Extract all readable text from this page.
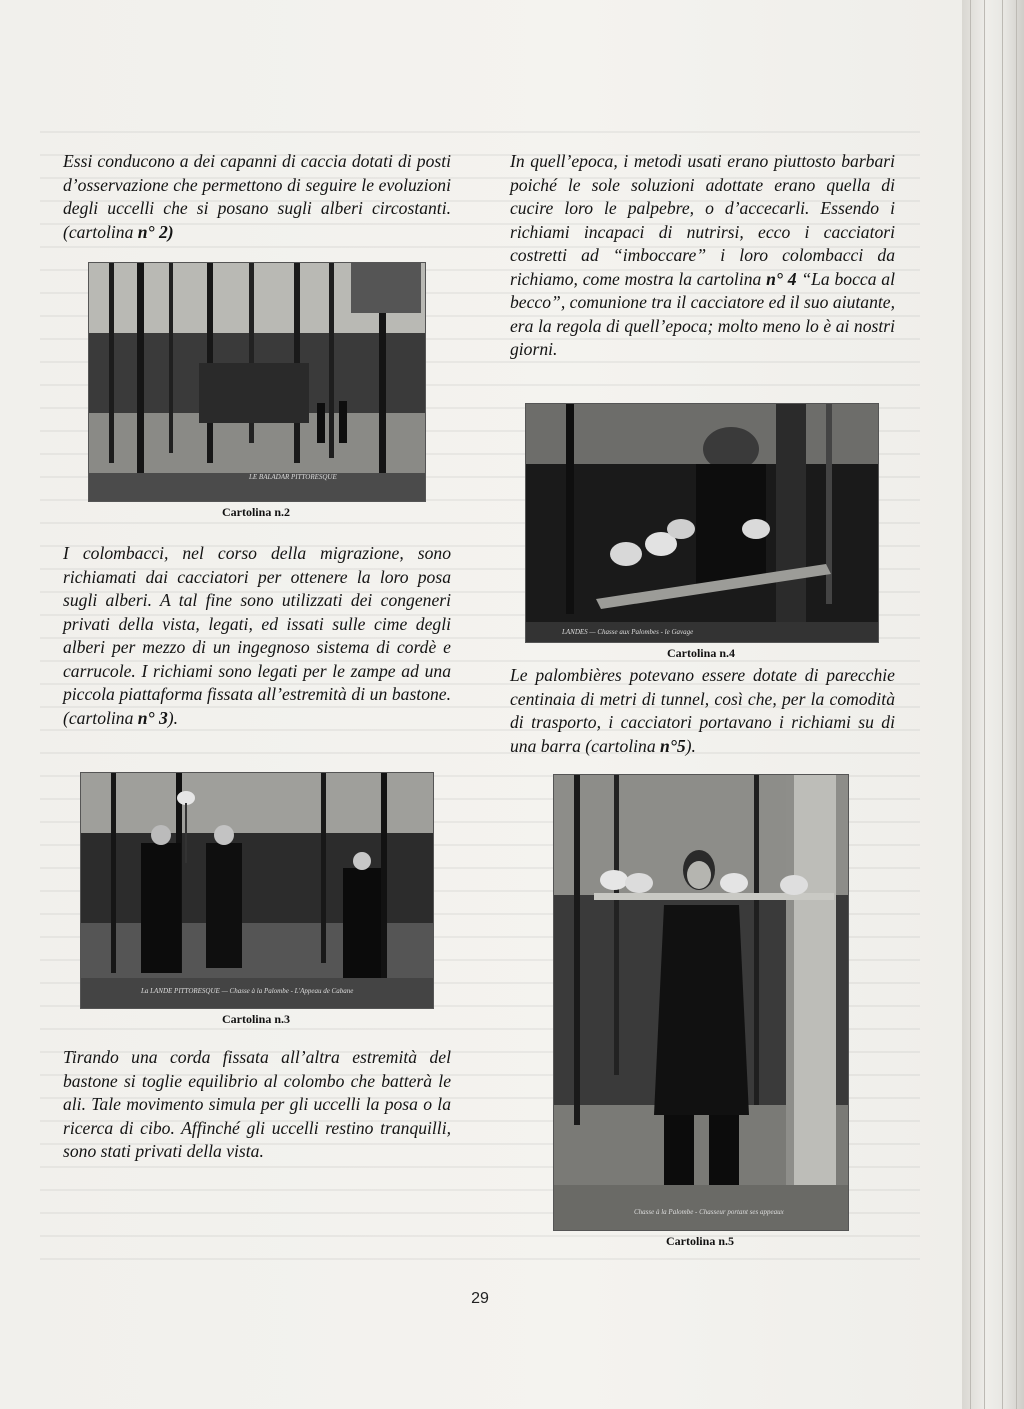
Essi conducono a dei capanni di caccia dotati di posti d’osservazione che permettono di seguire le evoluzioni degli uccelli che si posano sugli alberi circostanti. (cartolina n° 2)

LE BALADAR PITTORESQUE
Cartolina n.2

I colombacci, nel corso della migrazione, sono richiamati dai cacciatori per ottenere la loro posa sugli alberi. A tal fine sono utilizzati dei congeneri privati della vista, legati, ed issati sulle cime degli alberi per mezzo di un ingegnoso sistema di cordè e carrucole. I richiami sono legati per le zampe ad una piccola piattaforma fissata all’estremità di un bastone. (cartolina n° 3).

La LANDE PITTORESQUE — Chasse à la Palombe - L'Appeau de Cabane
Cartolina n.3

Tirando una corda fissata all’altra estremità del bastone si toglie equilibrio al colombo che batterà le ali. Tale movimento simula per gli uccelli la posa o la ricerca di cibo. Affinché gli uccelli restino tranquilli, sono stati privati della vista.

In quell’epoca, i metodi usati erano piuttosto barbari poiché le sole soluzioni adottate erano quella di cucire loro le palpebre, o d’accecarli. Essendo i richiami incapaci di nutrirsi, ecco i cacciatori costretti ad “imboccare” i loro colombacci da richiamo, come mostra la cartolina n° 4 “La bocca al becco”, comunione tra il cacciatore ed il suo aiutante, era la regola di quell’epoca; molto meno lo è ai nostri giorni.

LANDES — Chasse aux Palombes - le Gavage
Cartolina n.4

Le palombières potevano essere dotate di parecchie centinaia di metri di tunnel, così che, per la comodità di trasporto, i cacciatori portavano i richiami su di una barra (cartolina n°5).

Chasse à la Palombe - Chasseur portant ses appeaux
Cartolina n.5
29
